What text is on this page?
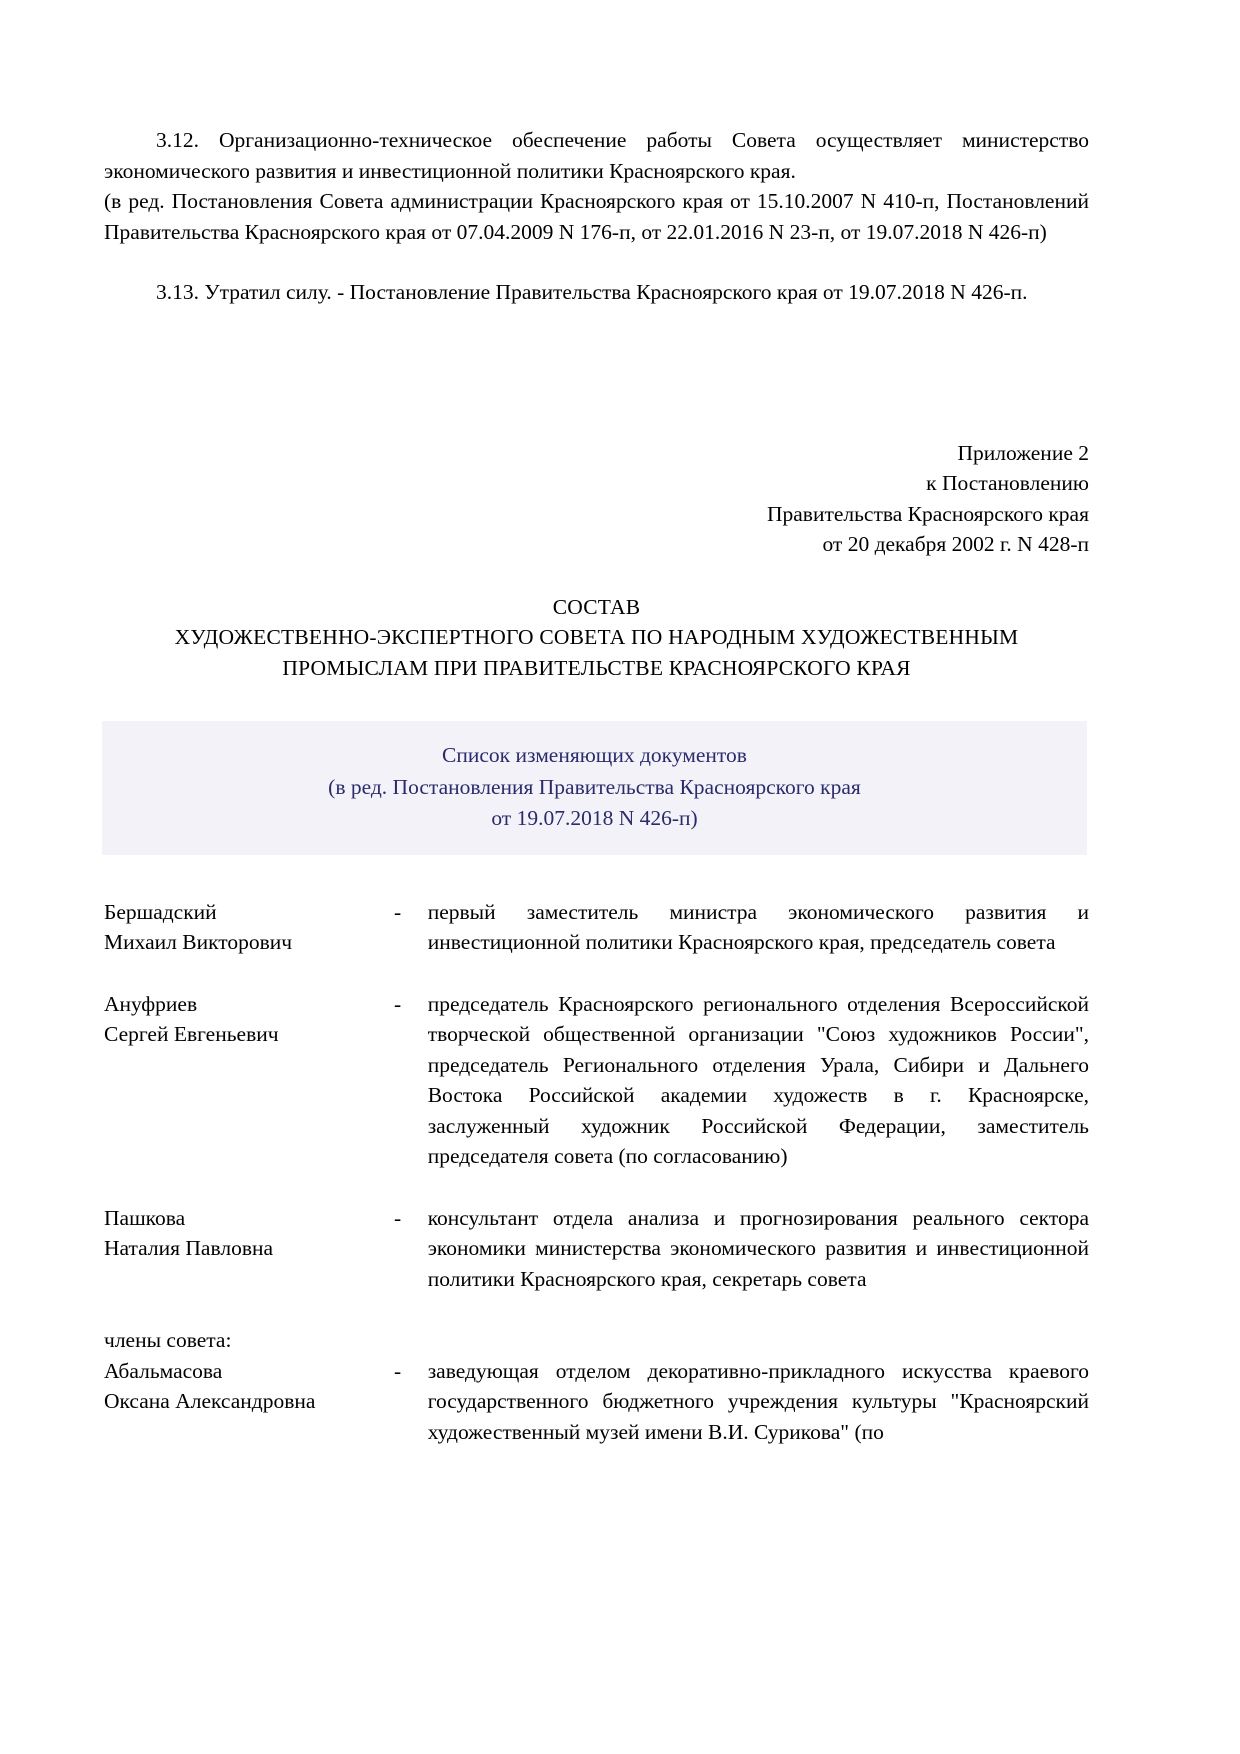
3.12. Организационно-техническое обеспечение работы Совета осуществляет министерство экономического развития и инвестиционной политики Красноярского края.

(в ред. Постановления Совета администрации Красноярского края от 15.10.2007 N 410-п, Постановлений Правительства Красноярского края от 07.04.2009 N 176-п, от 22.01.2016 N 23-п, от 19.07.2018 N 426-п)

3.13. Утратил силу. - Постановление Правительства Красноярского края от 19.07.2018 N 426-п.

Приложение 2
к Постановлению
Правительства Красноярского края
от 20 декабря 2002 г. N 428-п
СОСТАВ
ХУДОЖЕСТВЕННО-ЭКСПЕРТНОГО СОВЕТА ПО НАРОДНЫМ ХУДОЖЕСТВЕННЫМ
ПРОМЫСЛАМ ПРИ ПРАВИТЕЛЬСТВЕ КРАСНОЯРСКОГО КРАЯ
Список изменяющих документов
(в ред. Постановления Правительства Красноярского края
от 19.07.2018 N 426-п)
Бершадский
Михаил Викторович	-	первый заместитель министра экономического развития и инвестиционной политики Красноярского края, председатель совета

Ануфриев
Сергей Евгеньевич	-	председатель Красноярского регионального отделения Всероссийской творческой общественной организации "Союз художников России", председатель Регионального отделения Урала, Сибири и Дальнего Востока Российской академии художеств в г. Красноярске, заслуженный художник Российской Федерации, заместитель председателя совета (по согласованию)

Пашкова
Наталия Павловна	-	консультант отдела анализа и прогнозирования реального сектора экономики министерства экономического развития и инвестиционной политики Красноярского края, секретарь совета
члены совета:		

Абальмасова
Оксана Александровна	-	заведующая отделом декоративно-прикладного искусства краевого государственного бюджетного учреждения культуры "Красноярский художественный музей имени В.И. Сурикова" (по
